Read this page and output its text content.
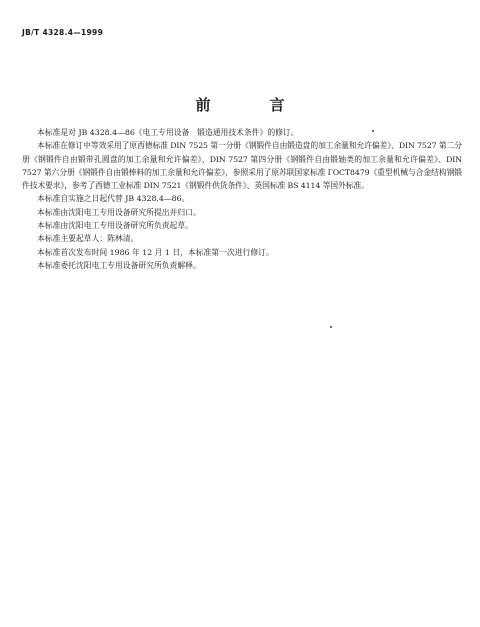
JB/T 4328.4—1999
前　言

本标准是对 JB 4328.4—86《电工专用设备　锻造通用技术条件》的修订。

本标准在修订中等效采用了原西德标准 DIN 7525 第一分册《钢锻件自由锻造盘的加工余量和允许偏差》、DIN 7527 第二分册《钢锻件自由锻带孔圆盘的加工余量和允许偏差》、DIN 7527 第四分册《钢锻件自由锻轴类的加工余量和允许偏差》、DIN 7527 第六分册《钢锻件自由锻棒料的加工余量和允许偏差》，参照采用了原苏联国家标准 ГОСТ8479《重型机械与合金结构钢锻件技术要求》，参考了西德工业标准 DIN 7521《钢锻件供货条件》、英国标准 BS 4114 等国外标准。

本标准自实施之日起代替 JB 4328.4—86。

本标准由沈阳电工专用设备研究所提出并归口。

本标准由沈阳电工专用设备研究所负责起草。

本标准主要起草人：陈林清。

本标准首次发布时间 1986 年 12 月 1 日，本标准第一次进行修订。

本标准委托沈阳电工专用设备研究所负责解释。
